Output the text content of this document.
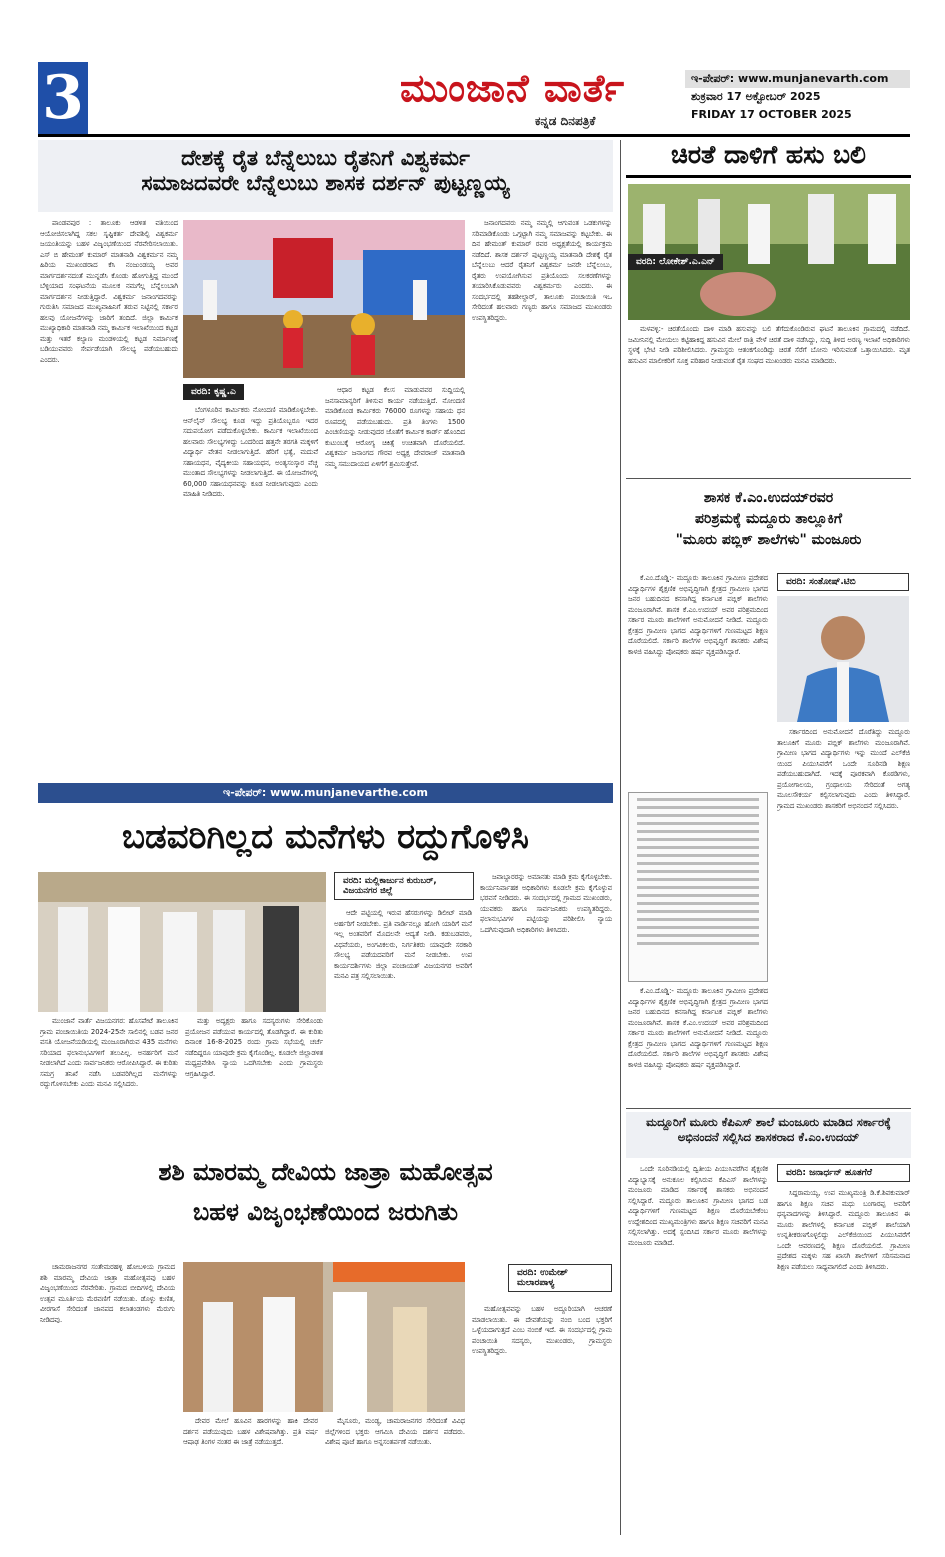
3	ಮುಂಜಾನೆ ವಾರ್ತೆ
ಕನ್ನಡ ದಿನಪತ್ರಿಕೆ
ಇ-ಪೇಪರ್: www.munjanevarth.com
ಶುಕ್ರವಾರ 17 ಅಕ್ಟೋಬರ್ 2025
FRIDAY 17 OCTOBER 2025
ದೇಶಕ್ಕೆ ರೈತ ಬೆನ್ನೆಲುಬು ರೈತನಿಗೆ ವಿಶ್ವಕರ್ಮ
ಸಮಾಜದವರೇ ಬೆನ್ನೆಲುಬು ಶಾಸಕ ದರ್ಶನ್ ಪುಟ್ಟಣ್ಣಯ್ಯ

ಪಾಂಡವಪುರ : ತಾಲೂಕು ಆಡಳಿತ ವತಿಯಿಂದ ಆಯೋಜಿಸಲಾಗಿದ್ದ ಸಕಲ ಸೃಷ್ಟಿಕರ್ತ ದೇವಶಿಲ್ಪಿ ವಿಶ್ವಕರ್ಮ ಜಯಂತಿಯನ್ನು ಬಹಳ ವಿಜೃಂಭಣೆಯಿಂದ ನೆರವೇರಿಸಲಾಯಿತು. ಎಸ್ ಬಿ ಹೇಮಂತ್ ಕುಮಾರ್ ಮಾತನಾಡಿ ವಿಶ್ವಕರ್ಮನ ನಮ್ಮ ಹಿರಿಯ ಮುಖಂಡರಾದ ಕೆಸಿ ನಂಜುಂಡಯ್ಯ ಅವರ ಮಾರ್ಗದರ್ಶನದಂತೆ ಮುನ್ನಡೆಸಿ ಕೊಂಡು ಹೋಗುತ್ತಿದ್ದ ಮುಂದೆ ಬೆಳ್ಳಿಯಾದ ಸಂಘಟನೆಯ ಮೂಲಕ ನಮಗೆಲ್ಲ ಬೆನ್ನೆಲುಬಾಗಿ ಮಾರ್ಗದರ್ಶನ ನೀಡುತ್ತಿದ್ದಾರೆ. ವಿಶ್ವಕರ್ಮ ಜನಾಂಗದವರನ್ನು ಗುರುತಿಸಿ ಸಮಾಜದ ಮುಖ್ಯವಾಹಿನಿಗೆ ತರುವ ನಿಟ್ಟಿನಲ್ಲಿ ಸರ್ಕಾರ ಹಲವು ಯೋಜನೆಗಳನ್ನು ಜಾರಿಗೆ ತಂದಿದೆ. ಜಿಲ್ಲಾ ಕಾರ್ಮಿಕ ಮುಖ್ಯಾಧಿಕಾರಿ ಮಾತನಾಡಿ ನಮ್ಮ ಕಾರ್ಮಿಕ ಇಲಾಖೆಯಿಂದ ಕಟ್ಟಡ ಮತ್ತು ಇತರೆ ಕಲ್ಯಾಣ ಮಂಡಳಿಯಲ್ಲಿ ಕಟ್ಟಡ ನಿರ್ಮಾಣಕ್ಕೆ ಬಡಿಯುವವರು ಸೇರ್ಪಡೆಯಾಗಿ ಸೌಲಭ್ಯ ಪಡೆಯಬಹುದು ಎಂದರು.

ವರದಿ: ಕೃಷ್ಣ.ಎ

ಬೆಂಗಳೂರಿನ ಕಾರ್ಮಿಕರು ನೋಂದಣಿ ಮಾಡಿಕೊಳ್ಳಬೇಕು. ಆನ್‌ಲೈನ್ ಸೌಲಭ್ಯ ಕೂಡ ಇದ್ದು ಪ್ರತಿಯೊಬ್ಬರೂ ಇದರ ಸದುಪಯೋಗ ಪಡೆದುಕೊಳ್ಳಬೇಕು. ಕಾರ್ಮಿಕ ಇಲಾಖೆಯಿಂದ ಹಲವಾರು ಸೌಲಭ್ಯಗಳಿದ್ದು ಒಂದರಿಂದ ಹತ್ತನೇ ತರಗತಿ ಮಕ್ಕಳಿಗೆ ವಿದ್ಯಾರ್ಥಿ ವೇತನ ನೀಡಲಾಗುತ್ತಿದೆ. ಹೆರಿಗೆ ಭತ್ಯೆ, ಮದುವೆ ಸಹಾಯಧನ, ವೈದ್ಯಕೀಯ ಸಹಾಯಧನ, ಅಂತ್ಯಸಂಸ್ಕಾರ ವೆಚ್ಚ ಮುಂತಾದ ಸೌಲಭ್ಯಗಳನ್ನು ನೀಡಲಾಗುತ್ತಿದೆ. ಈ ಯೋಜನೆಗಳಲ್ಲಿ 60,000 ಸಹಾಯಧನವನ್ನು ಕೂಡ ನೀಡಲಾಗುವುದು ಎಂದು ಮಾಹಿತಿ ನೀಡಿದರು.

ಆಧಾರ ಕಟ್ಟಡ ಕೆಲಸ ಮಾಡುವವರ ಸುದ್ದಿಯಲ್ಲಿ ಜನಸಾಮಾನ್ಯರಿಗೆ ತಿಳಿಸುವ ಕಾರ್ಯ ನಡೆಯುತ್ತಿದೆ. ನೋಂದಣಿ ಮಾಡಿಕೊಂಡ ಕಾರ್ಮಿಕರು 76000 ರೂಗಳನ್ನು ಸಹಾಯ ಧನ ರೂಪದಲ್ಲಿ ಪಡೆಯಬಹುದು. ಪ್ರತಿ ತಿಂಗಳು 1500 ಪಿಂಚಣಿಯನ್ನು ನೀಡುವುದರ ಜೊತೆಗೆ ಕಾರ್ಮಿಕ ಕಾರ್ಡ್ ಹೊಂದಿದ ಕುಟುಂಬಕ್ಕೆ ಆರೋಗ್ಯ ಚಿಕಿತ್ಸೆ ಉಚಿತವಾಗಿ ದೊರೆಯಲಿದೆ. ವಿಶ್ವಕರ್ಮ ಜನಾಂಗದ ಗೌರವ ಅಧ್ಯಕ್ಷ ದೇವರಾಜ್ ಮಾತನಾಡಿ ನಮ್ಮ ಸಮುದಾಯದ ಏಳಿಗೆಗೆ ಶ್ರಮಿಸುತ್ತೇವೆ.

ಜನಾಂಗದವರು ನಮ್ಮ ನಮ್ಮಲ್ಲಿ ಆಗುವಂತ ಒಡಕುಗಳನ್ನು ಸರಿಮಾಡಿಕೊಂಡು ಒಗ್ಗಟ್ಟಾಗಿ ನಮ್ಮ ಸಮಾಜವನ್ನು ಕಟ್ಟಬೇಕು. ಈ ದಿನ ಹೇಮಂತ್ ಕುಮಾರ್ ರವರ ಅಧ್ಯಕ್ಷತೆಯಲ್ಲಿ ಕಾರ್ಯಕ್ರಮ ನಡೆದಿದೆ. ಶಾಸಕ ದರ್ಶನ್ ಪುಟ್ಟಣ್ಣಯ್ಯ ಮಾತನಾಡಿ ದೇಶಕ್ಕೆ ರೈತ ಬೆನ್ನೆಲುಬು ಆದರೆ ರೈತನಿಗೆ ವಿಶ್ವಕರ್ಮ ಜನರೇ ಬೆನ್ನೆಲುಬು, ರೈತರು ಉಪಯೋಗಿಸುವ ಪ್ರತಿಯೊಂದು ಸಲಕರಣೆಗಳನ್ನು ತಯಾರಿಸಿಕೊಡುವವರು ವಿಶ್ವಕರ್ಮರು ಎಂದರು. ಈ ಸಂದರ್ಭದಲ್ಲಿ ತಹಶೀಲ್ದಾರ್, ತಾಲೂಕು ಪಂಚಾಯಿತಿ ಇಒ ಸೇರಿದಂತೆ ಹಲವಾರು ಗಣ್ಯರು ಹಾಗೂ ಸಮಾಜದ ಮುಖಂಡರು ಉಪಸ್ಥಿತರಿದ್ದರು.

ಚಿರತೆ ದಾಳಿಗೆ ಹಸು ಬಲಿ
ವರದಿ: ಲೋಕೇಶ್.ಎ.ಎನ್

ಮಳವಳ್ಳಿ:- ಚಿರತೆಯೊಂದು ದಾಳಿ ಮಾಡಿ ಹಸುವನ್ನು ಬಲಿ ತೆಗೆದುಕೊಂಡಿರುವ ಘಟನೆ ತಾಲೂಕಿನ ಗ್ರಾಮದಲ್ಲಿ ನಡೆದಿದೆ. ಜಮೀನಿನಲ್ಲಿ ಮೇಯಲು ಕಟ್ಟಿಹಾಕಿದ್ದ ಹಸುವಿನ ಮೇಲೆ ರಾತ್ರಿ ವೇಳೆ ಚಿರತೆ ದಾಳಿ ನಡೆಸಿದ್ದು, ಸುದ್ದಿ ತಿಳಿದ ಅರಣ್ಯ ಇಲಾಖೆ ಅಧಿಕಾರಿಗಳು ಸ್ಥಳಕ್ಕೆ ಭೇಟಿ ನೀಡಿ ಪರಿಶೀಲಿಸಿದರು. ಗ್ರಾಮಸ್ಥರು ಆತಂಕಗೊಂಡಿದ್ದು ಚಿರತೆ ಸೆರೆಗೆ ಬೋನು ಇರಿಸುವಂತೆ ಒತ್ತಾಯಿಸಿದರು. ಮೃತ ಹಸುವಿನ ಮಾಲೀಕರಿಗೆ ಸೂಕ್ತ ಪರಿಹಾರ ನೀಡುವಂತೆ ರೈತ ಸಂಘದ ಮುಖಂಡರು ಮನವಿ ಮಾಡಿದರು.

ಶಾಸಕ ಕೆ.ಎಂ.ಉದಯ್‌ರವರ
ಪರಿಶ್ರಮಕ್ಕೆ ಮದ್ದೂರು ತಾಲ್ಲೂಕಿಗೆ
"ಮೂರು ಪಬ್ಲಿಕ್ ಶಾಲೆಗಳು" ಮಂಜೂರು

ಕೆ.ಎಂ.ದೊಡ್ಡಿ:- ಮದ್ದೂರು ತಾಲೂಕಿನ ಗ್ರಾಮೀಣ ಪ್ರದೇಶದ ವಿದ್ಯಾರ್ಥಿಗಳ ಶೈಕ್ಷಣಿಕ ಅಭಿವೃದ್ಧಿಗಾಗಿ ಕ್ಷೇತ್ರದ ಗ್ರಾಮೀಣ ಭಾಗದ ಜನರ ಬಹುದಿನದ ಕನಸಾಗಿದ್ದ ಕರ್ನಾಟಕ ಪಬ್ಲಿಕ್ ಶಾಲೆಗಳು ಮಂಜೂರಾಗಿವೆ. ಶಾಸಕ ಕೆ.ಎಂ.ಉದಯ್ ಅವರ ಪರಿಶ್ರಮದಿಂದ ಸರ್ಕಾರ ಮೂರು ಶಾಲೆಗಳಿಗೆ ಅನುಮೋದನೆ ನೀಡಿದೆ. ಮದ್ದೂರು ಕ್ಷೇತ್ರದ ಗ್ರಾಮೀಣ ಭಾಗದ ವಿದ್ಯಾರ್ಥಿಗಳಿಗೆ ಗುಣಮಟ್ಟದ ಶಿಕ್ಷಣ ದೊರೆಯಲಿದೆ. ಸರ್ಕಾರಿ ಶಾಲೆಗಳ ಅಭಿವೃದ್ಧಿಗೆ ಶಾಸಕರು ವಿಶೇಷ ಕಾಳಜಿ ವಹಿಸಿದ್ದು ಪೋಷಕರು ಹರ್ಷ ವ್ಯಕ್ತಪಡಿಸಿದ್ದಾರೆ.

ವರದಿ: ಸಂತೋಷ್.ಟಿಬಿ

ಸರ್ಕಾರದಿಂದ ಅನುಮೋದನೆ ದೊರೆತಿದ್ದು ಮದ್ದೂರು ತಾಲೂಕಿಗೆ ಮೂರು ಪಬ್ಲಿಕ್ ಶಾಲೆಗಳು ಮಂಜೂರಾಗಿವೆ. ಗ್ರಾಮೀಣ ಭಾಗದ ವಿದ್ಯಾರ್ಥಿಗಳು ಇನ್ನು ಮುಂದೆ ಎಲ್‌ಕೆಜಿ ಯಿಂದ ಪಿಯುಸಿವರೆಗೆ ಒಂದೇ ಸೂರಿನಡಿ ಶಿಕ್ಷಣ ಪಡೆಯಬಹುದಾಗಿದೆ. ಇದಕ್ಕೆ ಪೂರಕವಾಗಿ ಕೊಠಡಿಗಳು, ಪ್ರಯೋಗಾಲಯ, ಗ್ರಂಥಾಲಯ ಸೇರಿದಂತೆ ಅಗತ್ಯ ಮೂಲಸೌಕರ್ಯ ಕಲ್ಪಿಸಲಾಗುವುದು ಎಂದು ತಿಳಿಸಿದ್ದಾರೆ. ಗ್ರಾಮದ ಮುಖಂಡರು ಶಾಸಕರಿಗೆ ಅಭಿನಂದನೆ ಸಲ್ಲಿಸಿದರು.

ಕೆ.ಎಂ.ದೊಡ್ಡಿ:- ಮದ್ದೂರು ತಾಲೂಕಿನ ಗ್ರಾಮೀಣ ಪ್ರದೇಶದ ವಿದ್ಯಾರ್ಥಿಗಳ ಶೈಕ್ಷಣಿಕ ಅಭಿವೃದ್ಧಿಗಾಗಿ ಕ್ಷೇತ್ರದ ಗ್ರಾಮೀಣ ಭಾಗದ ಜನರ ಬಹುದಿನದ ಕನಸಾಗಿದ್ದ ಕರ್ನಾಟಕ ಪಬ್ಲಿಕ್ ಶಾಲೆಗಳು ಮಂಜೂರಾಗಿವೆ. ಶಾಸಕ ಕೆ.ಎಂ.ಉದಯ್ ಅವರ ಪರಿಶ್ರಮದಿಂದ ಸರ್ಕಾರ ಮೂರು ಶಾಲೆಗಳಿಗೆ ಅನುಮೋದನೆ ನೀಡಿದೆ. ಮದ್ದೂರು ಕ್ಷೇತ್ರದ ಗ್ರಾಮೀಣ ಭಾಗದ ವಿದ್ಯಾರ್ಥಿಗಳಿಗೆ ಗುಣಮಟ್ಟದ ಶಿಕ್ಷಣ ದೊರೆಯಲಿದೆ. ಸರ್ಕಾರಿ ಶಾಲೆಗಳ ಅಭಿವೃದ್ಧಿಗೆ ಶಾಸಕರು ವಿಶೇಷ ಕಾಳಜಿ ವಹಿಸಿದ್ದು ಪೋಷಕರು ಹರ್ಷ ವ್ಯಕ್ತಪಡಿಸಿದ್ದಾರೆ.

ಇ-ಪೇಪರ್: www.munjanevarthe.com
ಬಡವರಿಗಿಲ್ಲದ ಮನೆಗಳು ರದ್ದುಗೊಳಿಸಿ
ವರದಿ: ಮಲ್ಲಿಕಾರ್ಜುನ ಕುರುಬರ್, ವಿಜಯನಗರ ಜಿಲ್ಲೆ

ಮುಂಜಾನೆ ವಾರ್ತೆ ವಿಜಯನಗರ: ಹೊಸಪೇಟೆ ತಾಲೂಕಿನ ಗ್ರಾಮ ಪಂಚಾಯಿತಿಯ 2024-25ನೇ ಸಾಲಿನಲ್ಲಿ ಬಡವ ಜನರ ವಸತಿ ಯೋಜನೆಯಡಿಯಲ್ಲಿ ಮಂಜೂರಾಗಿರುವ 435 ಮನೆಗಳು ಸರಿಯಾದ ಫಲಾನುಭವಿಗಳಿಗೆ ತಲುಪಿಲ್ಲ. ಅನರ್ಹರಿಗೆ ಮನೆ ನೀಡಲಾಗಿದೆ ಎಂದು ಸಾರ್ವಜನಿಕರು ಆರೋಪಿಸಿದ್ದಾರೆ. ಈ ಕುರಿತು ಸಮಗ್ರ ತನಿಖೆ ನಡೆಸಿ ಬಡವರಿಗಿಲ್ಲದ ಮನೆಗಳನ್ನು ರದ್ದುಗೊಳಿಸಬೇಕು ಎಂದು ಮನವಿ ಸಲ್ಲಿಸಿದರು.

ಮತ್ತು ಅದ್ಯಕ್ಷರು ಹಾಗೂ ಸದಸ್ಯರುಗಳು ಸೇರಿಕೊಂಡು ಪ್ರಯೋಜನ ಪಡೆಯುವ ಕಾರ್ಯದಲ್ಲಿ ತೊಡಗಿದ್ದಾರೆ. ಈ ಕುರಿತು ದಿನಾಂಕ 16-8-2025 ರಂದು ಗ್ರಾಮ ಸಭೆಯಲ್ಲಿ ಚರ್ಚೆ ನಡೆದಿದ್ದರೂ ಯಾವುದೇ ಕ್ರಮ ಕೈಗೊಂಡಿಲ್ಲ. ಕೂಡಲೇ ಜಿಲ್ಲಾಡಳಿತ ಮಧ್ಯಪ್ರವೇಶಿಸಿ ನ್ಯಾಯ ಒದಗಿಸಬೇಕು ಎಂದು ಗ್ರಾಮಸ್ಥರು ಆಗ್ರಹಿಸಿದ್ದಾರೆ.

ಆದೇ ಪಟ್ಟಿಯಲ್ಲಿ ಇರುವ ಹೆಸರುಗಳನ್ನು ಡಿಲೀಟ್ ಮಾಡಿ ಅರ್ಹರಿಗೆ ನೀಡಬೇಕು. ಪ್ರತಿ ವಾರ್ಡಿನಲ್ಲೂ ಹೋಗಿ ಯಾರಿಗೆ ಮನೆ ಇಲ್ಲ ಅಂತವರಿಗೆ ಮೊದಲನೇ ಆದ್ಯತೆ ನೀಡಿ. ಕಡುಬಡವರು, ವಿಧವೆಯರು, ಅಂಗವಿಕಲರು, ನಿರ್ಗತಿಕರು ಯಾವುದೇ ಸರಕಾರಿ ಸೌಲಭ್ಯ ಪಡೆಯದವರಿಗೆ ಮನೆ ನೀಡಬೇಕು. ಉಪ ಕಾರ್ಯದರ್ಶಿಗಳು ಜಿಲ್ಲಾ ಪಂಚಾಯತ್ ವಿಜಯನಗರ ಅವರಿಗೆ ಮನವಿ ಪತ್ರ ಸಲ್ಲಿಸಲಾಯಿತು.

ಜವಾಬ್ದಾರರನ್ನು ಅಮಾನತು ಮಾಡಿ ಕ್ರಮ ಕೈಗೊಳ್ಳಬೇಕು. ಕಾರ್ಯನಿರ್ವಾಹಕ ಅಧಿಕಾರಿಗಳು ಕೂಡಲೇ ಕ್ರಮ ಕೈಗೊಳ್ಳುವ ಭರವಸೆ ನೀಡಿದರು. ಈ ಸಂದರ್ಭದಲ್ಲಿ ಗ್ರಾಮದ ಮುಖಂಡರು, ಯುವಕರು ಹಾಗೂ ಸಾರ್ವಜನಿಕರು ಉಪಸ್ಥಿತರಿದ್ದರು. ಫಲಾನುಭವಿಗಳ ಪಟ್ಟಿಯನ್ನು ಪರಿಶೀಲಿಸಿ ನ್ಯಾಯ ಒದಗಿಸುವುದಾಗಿ ಅಧಿಕಾರಿಗಳು ತಿಳಿಸಿದರು.

ಶಶಿ ಮಾರಮ್ಮ ದೇವಿಯ ಜಾತ್ರಾ ಮಹೋತ್ಸವ
ಬಹಳ ವಿಜೃಂಭಣೆಯಿಂದ ಜರುಗಿತು

ಚಾಮರಾಜನಗರ ಸಂತೇಮರಹಳ್ಳಿ ಹೋಬಳಿಯ ಗ್ರಾಮದ ಶಶಿ ಮಾರಮ್ಮ ದೇವಿಯ ಜಾತ್ರಾ ಮಹೋತ್ಸವವು ಬಹಳ ವಿಜೃಂಭಣೆಯಿಂದ ನೆರವೇರಿತು. ಗ್ರಾಮದ ಬೀದಿಗಳಲ್ಲಿ ದೇವಿಯ ಉತ್ಸವ ಮೂರ್ತಿಯ ಮೆರವಣಿಗೆ ನಡೆಯಿತು. ಡೊಳ್ಳು ಕುಣಿತ, ವೀರಗಾಸೆ ಸೇರಿದಂತೆ ಜಾನಪದ ಕಲಾತಂಡಗಳು ಮೆರುಗು ನೀಡಿದವು.

ದೇವರ ಮೇಲೆ ಹೂವಿನ ಹಾರಗಳನ್ನು ಹಾಕಿ ದೇವರ ದರ್ಶನ ಪಡೆಯುವುದು ಬಹಳ ವಿಶೇಷವಾಗಿತ್ತು. ಪ್ರತಿ ವರ್ಷ ಆಷಾಢ ತಿಂಗಳ ನಂತರ ಈ ಜಾತ್ರೆ ನಡೆಯುತ್ತದೆ.

ಮೈಸೂರು, ಮಂಡ್ಯ, ಚಾಮರಾಜನಗರ ಸೇರಿದಂತೆ ವಿವಿಧ ಜಿಲ್ಲೆಗಳಿಂದ ಭಕ್ತರು ಆಗಮಿಸಿ ದೇವಿಯ ದರ್ಶನ ಪಡೆದರು. ವಿಶೇಷ ಪೂಜೆ ಹಾಗೂ ಅನ್ನಸಂತರ್ಪಣೆ ನಡೆಯಿತು.

ವರದಿ: ಉಮೇಶ್ ಮಲಾರಪಾಳ್ಯ

ಮಹೋತ್ಸವವನ್ನು ಬಹಳ ಅದ್ದೂರಿಯಾಗಿ ಆಚರಣೆ ಮಾಡಲಾಯಿತು. ಈ ದೇವತೆಯನ್ನು ನಂಬಿ ಬಂದ ಭಕ್ತರಿಗೆ ಒಳ್ಳೆಯದಾಗುತ್ತದೆ ಎಂಬ ನಂಬಿಕೆ ಇದೆ. ಈ ಸಂದರ್ಭದಲ್ಲಿ ಗ್ರಾಮ ಪಂಚಾಯಿತಿ ಸದಸ್ಯರು, ಮುಖಂಡರು, ಗ್ರಾಮಸ್ಥರು ಉಪಸ್ಥಿತರಿದ್ದರು.

ಮದ್ದೂರಿಗೆ ಮೂರು ಕೆಪಿಎಸ್ ಶಾಲೆ ಮಂಜೂರು ಮಾಡಿದ ಸರ್ಕಾರಕ್ಕೆ ಅಭಿನಂದನೆ ಸಲ್ಲಿಸಿದ ಶಾಸಕರಾದ ಕೆ.ಎಂ.ಉದಯ್

ಒಂದೇ ಸೂರಿನಡಿಯಲ್ಲಿ ದ್ವಿತೀಯ ಪಿಯುಸಿವರೆಗಿನ ಶೈಕ್ಷಣಿಕ ವಿದ್ಯಾಭ್ಯಾಸಕ್ಕೆ ಅನುಕೂಲ ಕಲ್ಪಿಸಿರುವ ಕೆಪಿಎಸ್ ಶಾಲೆಗಳನ್ನು ಮಂಜೂರು ಮಾಡಿದ ಸರ್ಕಾರಕ್ಕೆ ಶಾಸಕರು ಅಭಿನಂದನೆ ಸಲ್ಲಿಸಿದ್ದಾರೆ. ಮದ್ದೂರು ತಾಲೂಕಿನ ಗ್ರಾಮೀಣ ಭಾಗದ ಬಡ ವಿದ್ಯಾರ್ಥಿಗಳಿಗೆ ಗುಣಮಟ್ಟದ ಶಿಕ್ಷಣ ದೊರೆಯಬೇಕೆಂಬ ಉದ್ದೇಶದಿಂದ ಮುಖ್ಯಮಂತ್ರಿಗಳು ಹಾಗೂ ಶಿಕ್ಷಣ ಸಚಿವರಿಗೆ ಮನವಿ ಸಲ್ಲಿಸಲಾಗಿತ್ತು. ಅದಕ್ಕೆ ಸ್ಪಂದಿಸಿದ ಸರ್ಕಾರ ಮೂರು ಶಾಲೆಗಳನ್ನು ಮಂಜೂರು ಮಾಡಿದೆ.

ವರದಿ: ಜನಾರ್ಧನ್ ಹೂತಗೆರೆ

ಸಿದ್ದರಾಮಯ್ಯ, ಉಪ ಮುಖ್ಯಮಂತ್ರಿ ಡಿ.ಕೆ.ಶಿವಕುಮಾರ್ ಹಾಗೂ ಶಿಕ್ಷಣ ಸಚಿವ ಮಧು ಬಂಗಾರಪ್ಪ ಅವರಿಗೆ ಧನ್ಯವಾದಗಳನ್ನು ತಿಳಿಸಿದ್ದಾರೆ. ಮದ್ದೂರು ತಾಲೂಕಿನ ಈ ಮೂರು ಶಾಲೆಗಳಲ್ಲಿ ಕರ್ನಾಟಕ ಪಬ್ಲಿಕ್ ಶಾಲೆಯಾಗಿ ಉನ್ನತೀಕರಣಗೊಳ್ಳಲಿದ್ದು ಎಲ್‌ಕೆಜಿಯಿಂದ ಪಿಯುಸಿವರೆಗೆ ಒಂದೇ ಆವರಣದಲ್ಲಿ ಶಿಕ್ಷಣ ದೊರೆಯಲಿದೆ. ಗ್ರಾಮೀಣ ಪ್ರದೇಶದ ಮಕ್ಕಳು ಸಹ ಖಾಸಗಿ ಶಾಲೆಗಳಿಗೆ ಸರಿಸಮನಾದ ಶಿಕ್ಷಣ ಪಡೆಯಲು ಸಾಧ್ಯವಾಗಲಿದೆ ಎಂದು ತಿಳಿಸಿದರು.
